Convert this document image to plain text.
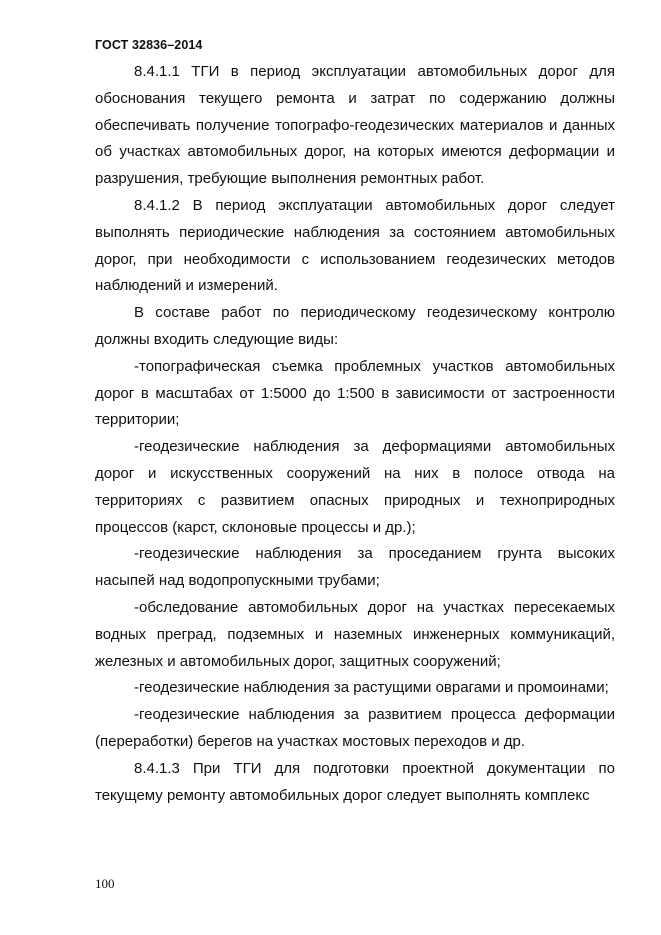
ГОСТ 32836–2014

8.4.1.1 ТГИ в период эксплуатации автомобильных дорог для обоснования текущего ремонта и затрат по содержанию должны обеспечивать получение топографо-геодезических материалов и данных об участках автомобильных дорог, на которых имеются деформации и разрушения, требующие выполнения ремонтных работ.

8.4.1.2 В период эксплуатации автомобильных дорог следует выполнять периодические наблюдения за состоянием автомобильных дорог, при необходимости с использованием геодезических методов наблюдений и измерений.

В составе работ по периодическому геодезическому контролю должны входить следующие виды:

-топографическая съемка проблемных участков автомобильных дорог в масштабах от 1:5000 до 1:500 в зависимости от застроенности территории;

-геодезические наблюдения за деформациями автомобильных дорог и искусственных сооружений на них в полосе отвода на территориях с развитием опасных природных и техноприродных процессов (карст, склоновые процессы и др.);

-геодезические наблюдения за проседанием грунта высоких насыпей над водопропускными трубами;

-обследование автомобильных дорог на участках пересекаемых водных преград, подземных и наземных инженерных коммуникаций, железных и автомобильных дорог, защитных сооружений;

-геодезические наблюдения за растущими оврагами и промоинами;

-геодезические наблюдения за развитием процесса деформации (переработки) берегов на участках мостовых переходов и др.

8.4.1.3 При ТГИ для подготовки проектной документации по текущему ремонту автомобильных дорог следует выполнять комплекс

100
